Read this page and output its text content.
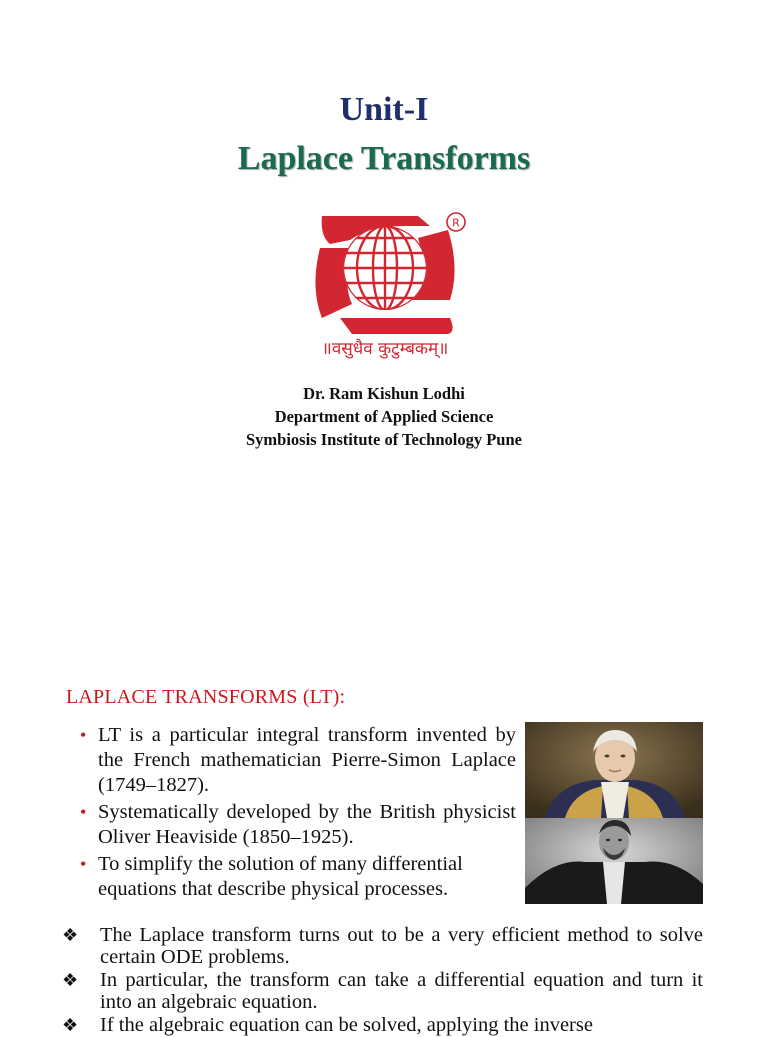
Unit-I
Laplace Transforms
R
॥वसुधैव कुटुम्बकम्॥
Dr. Ram Kishun Lodhi
Department of Applied Science
Symbiosis Institute of Technology Pune
LAPLACE TRANSFORMS (LT):
• LT is a particular integral transform invented by the French mathematician Pierre-Simon Laplace (1749–1827).
• Systematically developed by the British physicist Oliver Heaviside (1850–1925).
• To simplify the solution of many differential equations that describe physical processes.
❖ The Laplace transform turns out to be a very efficient method to solve certain ODE problems.
❖ In particular, the transform can take a differential equation and turn it into an algebraic equation.
❖ If the algebraic equation can be solved, applying the inverse
